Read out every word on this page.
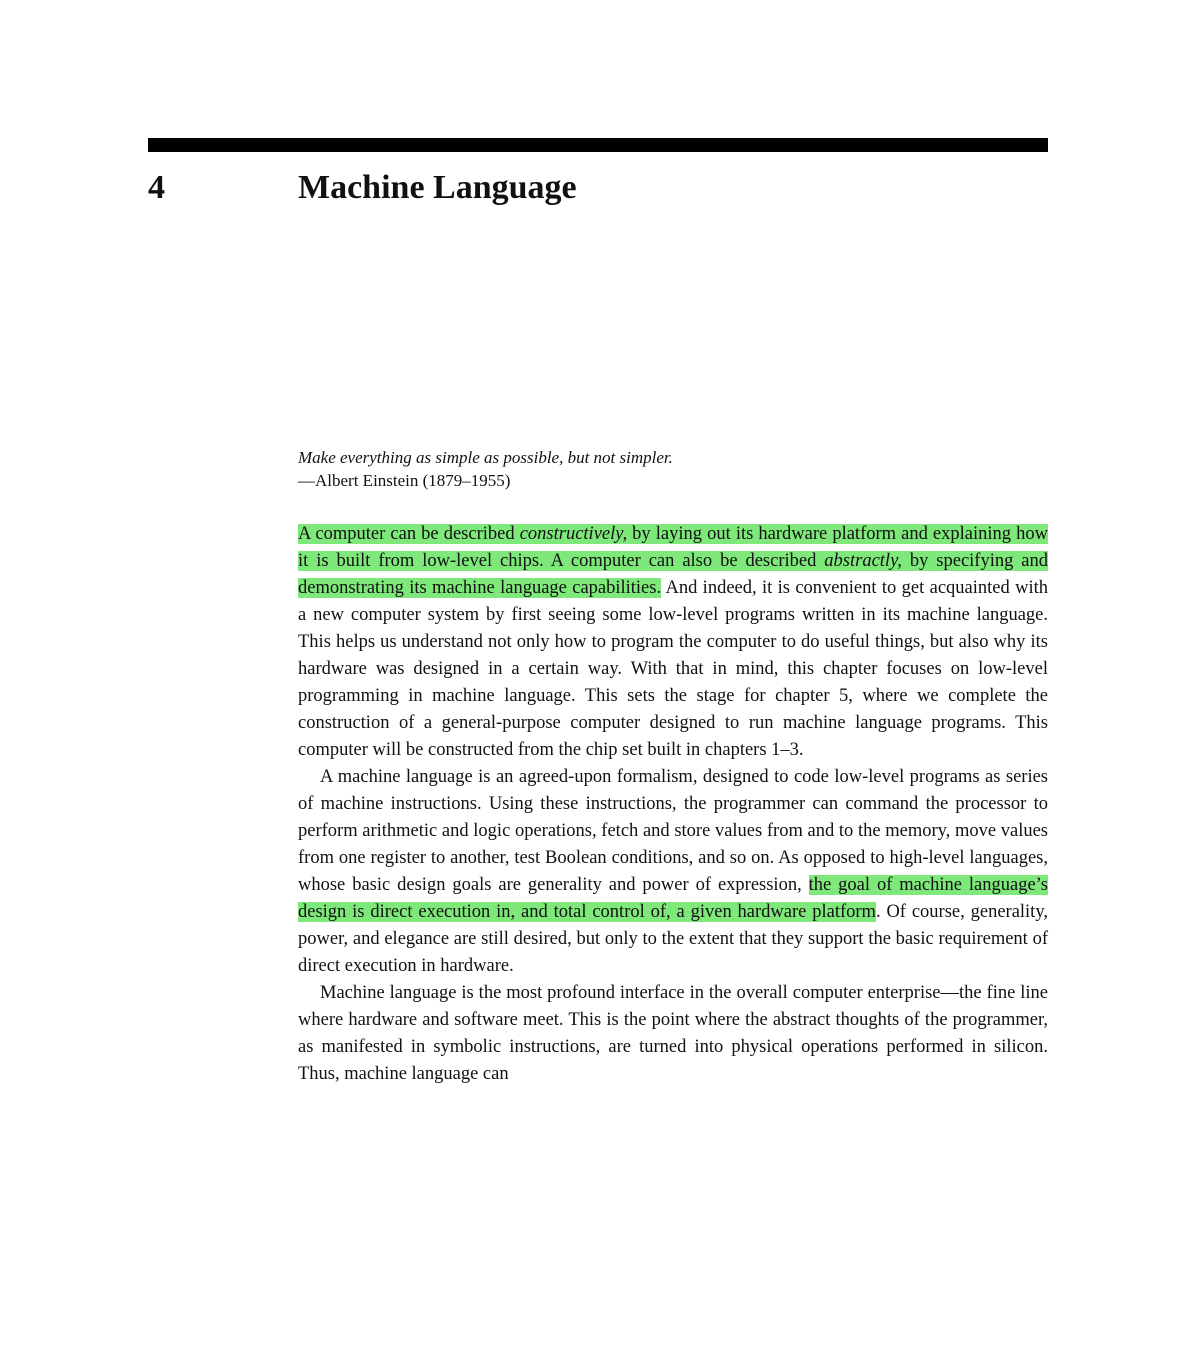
4	Machine Language
Make everything as simple as possible, but not simpler.
—Albert Einstein (1879–1955)

A computer can be described constructively, by laying out its hardware platform and explaining how it is built from low-level chips. A computer can also be described abstractly, by specifying and demonstrating its machine language capabilities. And indeed, it is convenient to get acquainted with a new computer system by first seeing some low-level programs written in its machine language. This helps us understand not only how to program the computer to do useful things, but also why its hardware was designed in a certain way. With that in mind, this chapter focuses on low-level programming in machine language. This sets the stage for chapter 5, where we complete the construction of a general-purpose computer designed to run machine language programs. This computer will be constructed from the chip set built in chapters 1–3.

A machine language is an agreed-upon formalism, designed to code low-level programs as series of machine instructions. Using these instructions, the programmer can command the processor to perform arithmetic and logic operations, fetch and store values from and to the memory, move values from one register to another, test Boolean conditions, and so on. As opposed to high-level languages, whose basic design goals are generality and power of expression, the goal of machine language’s design is direct execution in, and total control of, a given hardware platform. Of course, generality, power, and elegance are still desired, but only to the extent that they support the basic requirement of direct execution in hardware.

Machine language is the most profound interface in the overall computer enterprise—the fine line where hardware and software meet. This is the point where the abstract thoughts of the programmer, as manifested in symbolic instructions, are turned into physical operations performed in silicon. Thus, machine language can
